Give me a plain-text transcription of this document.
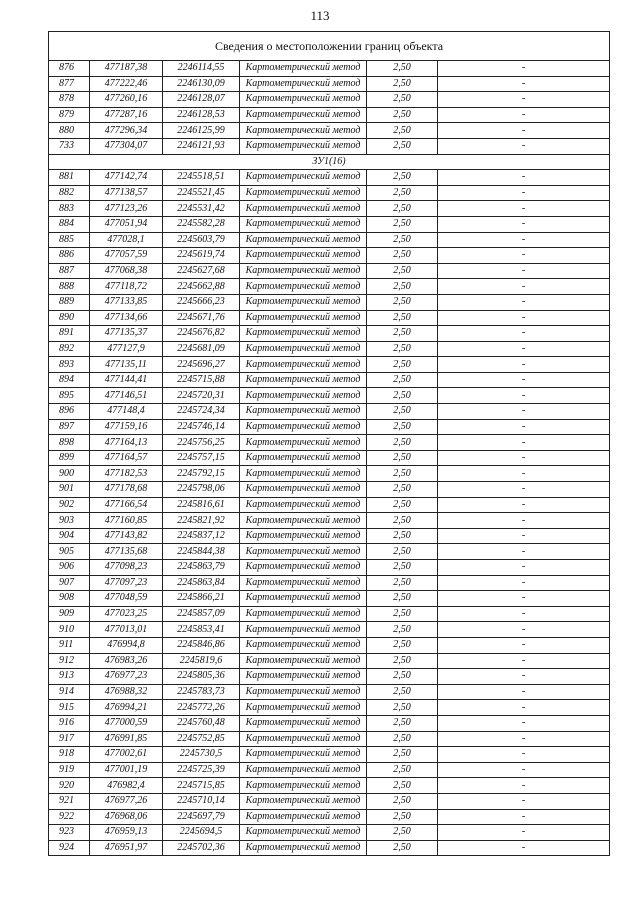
113
Сведения о местоположении границ объекта					
876	477187,38	2246114,55	Картометрический метод	2,50	-
877	477222,46	2246130,09	Картометрический метод	2,50	-
878	477260,16	2246128,07	Картометрический метод	2,50	-
879	477287,16	2246128,53	Картометрический метод	2,50	-
880	477296,34	2246125,99	Картометрический метод	2,50	-
733	477304,07	2246121,93	Картометрический метод	2,50	-
ЗУ1(16)					
881	477142,74	2245518,51	Картометрический метод	2,50	-
882	477138,57	2245521,45	Картометрический метод	2,50	-
883	477123,26	2245531,42	Картометрический метод	2,50	-
884	477051,94	2245582,28	Картометрический метод	2,50	-
885	477028,1	2245603,79	Картометрический метод	2,50	-
886	477057,59	2245619,74	Картометрический метод	2,50	-
887	477068,38	2245627,68	Картометрический метод	2,50	-
888	477118,72	2245662,88	Картометрический метод	2,50	-
889	477133,85	2245666,23	Картометрический метод	2,50	-
890	477134,66	2245671,76	Картометрический метод	2,50	-
891	477135,37	2245676,82	Картометрический метод	2,50	-
892	477127,9	2245681,09	Картометрический метод	2,50	-
893	477135,11	2245696,27	Картометрический метод	2,50	-
894	477144,41	2245715,88	Картометрический метод	2,50	-
895	477146,51	2245720,31	Картометрический метод	2,50	-
896	477148,4	2245724,34	Картометрический метод	2,50	-
897	477159,16	2245746,14	Картометрический метод	2,50	-
898	477164,13	2245756,25	Картометрический метод	2,50	-
899	477164,57	2245757,15	Картометрический метод	2,50	-
900	477182,53	2245792,15	Картометрический метод	2,50	-
901	477178,68	2245798,06	Картометрический метод	2,50	-
902	477166,54	2245816,61	Картометрический метод	2,50	-
903	477160,85	2245821,92	Картометрический метод	2,50	-
904	477143,82	2245837,12	Картометрический метод	2,50	-
905	477135,68	2245844,38	Картометрический метод	2,50	-
906	477098,23	2245863,79	Картометрический метод	2,50	-
907	477097,23	2245863,84	Картометрический метод	2,50	-
908	477048,59	2245866,21	Картометрический метод	2,50	-
909	477023,25	2245857,09	Картометрический метод	2,50	-
910	477013,01	2245853,41	Картометрический метод	2,50	-
911	476994,8	2245846,86	Картометрический метод	2,50	-
912	476983,26	2245819,6	Картометрический метод	2,50	-
913	476977,23	2245805,36	Картометрический метод	2,50	-
914	476988,32	2245783,73	Картометрический метод	2,50	-
915	476994,21	2245772,26	Картометрический метод	2,50	-
916	477000,59	2245760,48	Картометрический метод	2,50	-
917	476991,85	2245752,85	Картометрический метод	2,50	-
918	477002,61	2245730,5	Картометрический метод	2,50	-
919	477001,19	2245725,39	Картометрический метод	2,50	-
920	476982,4	2245715,85	Картометрический метод	2,50	-
921	476977,26	2245710,14	Картометрический метод	2,50	-
922	476968,06	2245697,79	Картометрический метод	2,50	-
923	476959,13	2245694,5	Картометрический метод	2,50	-
924	476951,97	2245702,36	Картометрический метод	2,50	-
